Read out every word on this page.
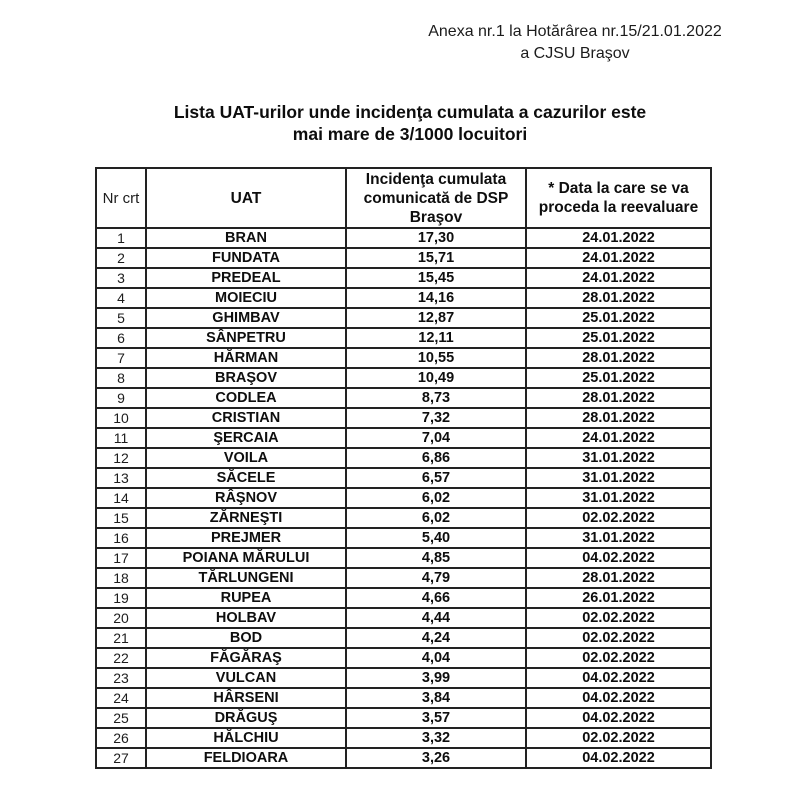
Anexa nr.1 la Hotărârea nr.15/21.01.2022
a CJSU Braşov
Lista UAT-urilor unde incidenţa cumulata a cazurilor este
mai mare de 3/1000 locuitori
Nr crt	UAT	Incidenţa cumulata comunicată de DSP Braşov	* Data la care se va proceda la reevaluare
1	BRAN	17,30	24.01.2022
2	FUNDATA	15,71	24.01.2022
3	PREDEAL	15,45	24.01.2022
4	MOIECIU	14,16	28.01.2022
5	GHIMBAV	12,87	25.01.2022
6	SÂNPETRU	12,11	25.01.2022
7	HĂRMAN	10,55	28.01.2022
8	BRAŞOV	10,49	25.01.2022
9	CODLEA	8,73	28.01.2022
10	CRISTIAN	7,32	28.01.2022
11	ŞERCAIA	7,04	24.01.2022
12	VOILA	6,86	31.01.2022
13	SĂCELE	6,57	31.01.2022
14	RÂŞNOV	6,02	31.01.2022
15	ZĂRNEŞTI	6,02	02.02.2022
16	PREJMER	5,40	31.01.2022
17	POIANA MĂRULUI	4,85	04.02.2022
18	TĂRLUNGENI	4,79	28.01.2022
19	RUPEA	4,66	26.01.2022
20	HOLBAV	4,44	02.02.2022
21	BOD	4,24	02.02.2022
22	FĂGĂRAŞ	4,04	02.02.2022
23	VULCAN	3,99	04.02.2022
24	HÂRSENI	3,84	04.02.2022
25	DRĂGUŞ	3,57	04.02.2022
26	HĂLCHIU	3,32	02.02.2022
27	FELDIOARA	3,26	04.02.2022
